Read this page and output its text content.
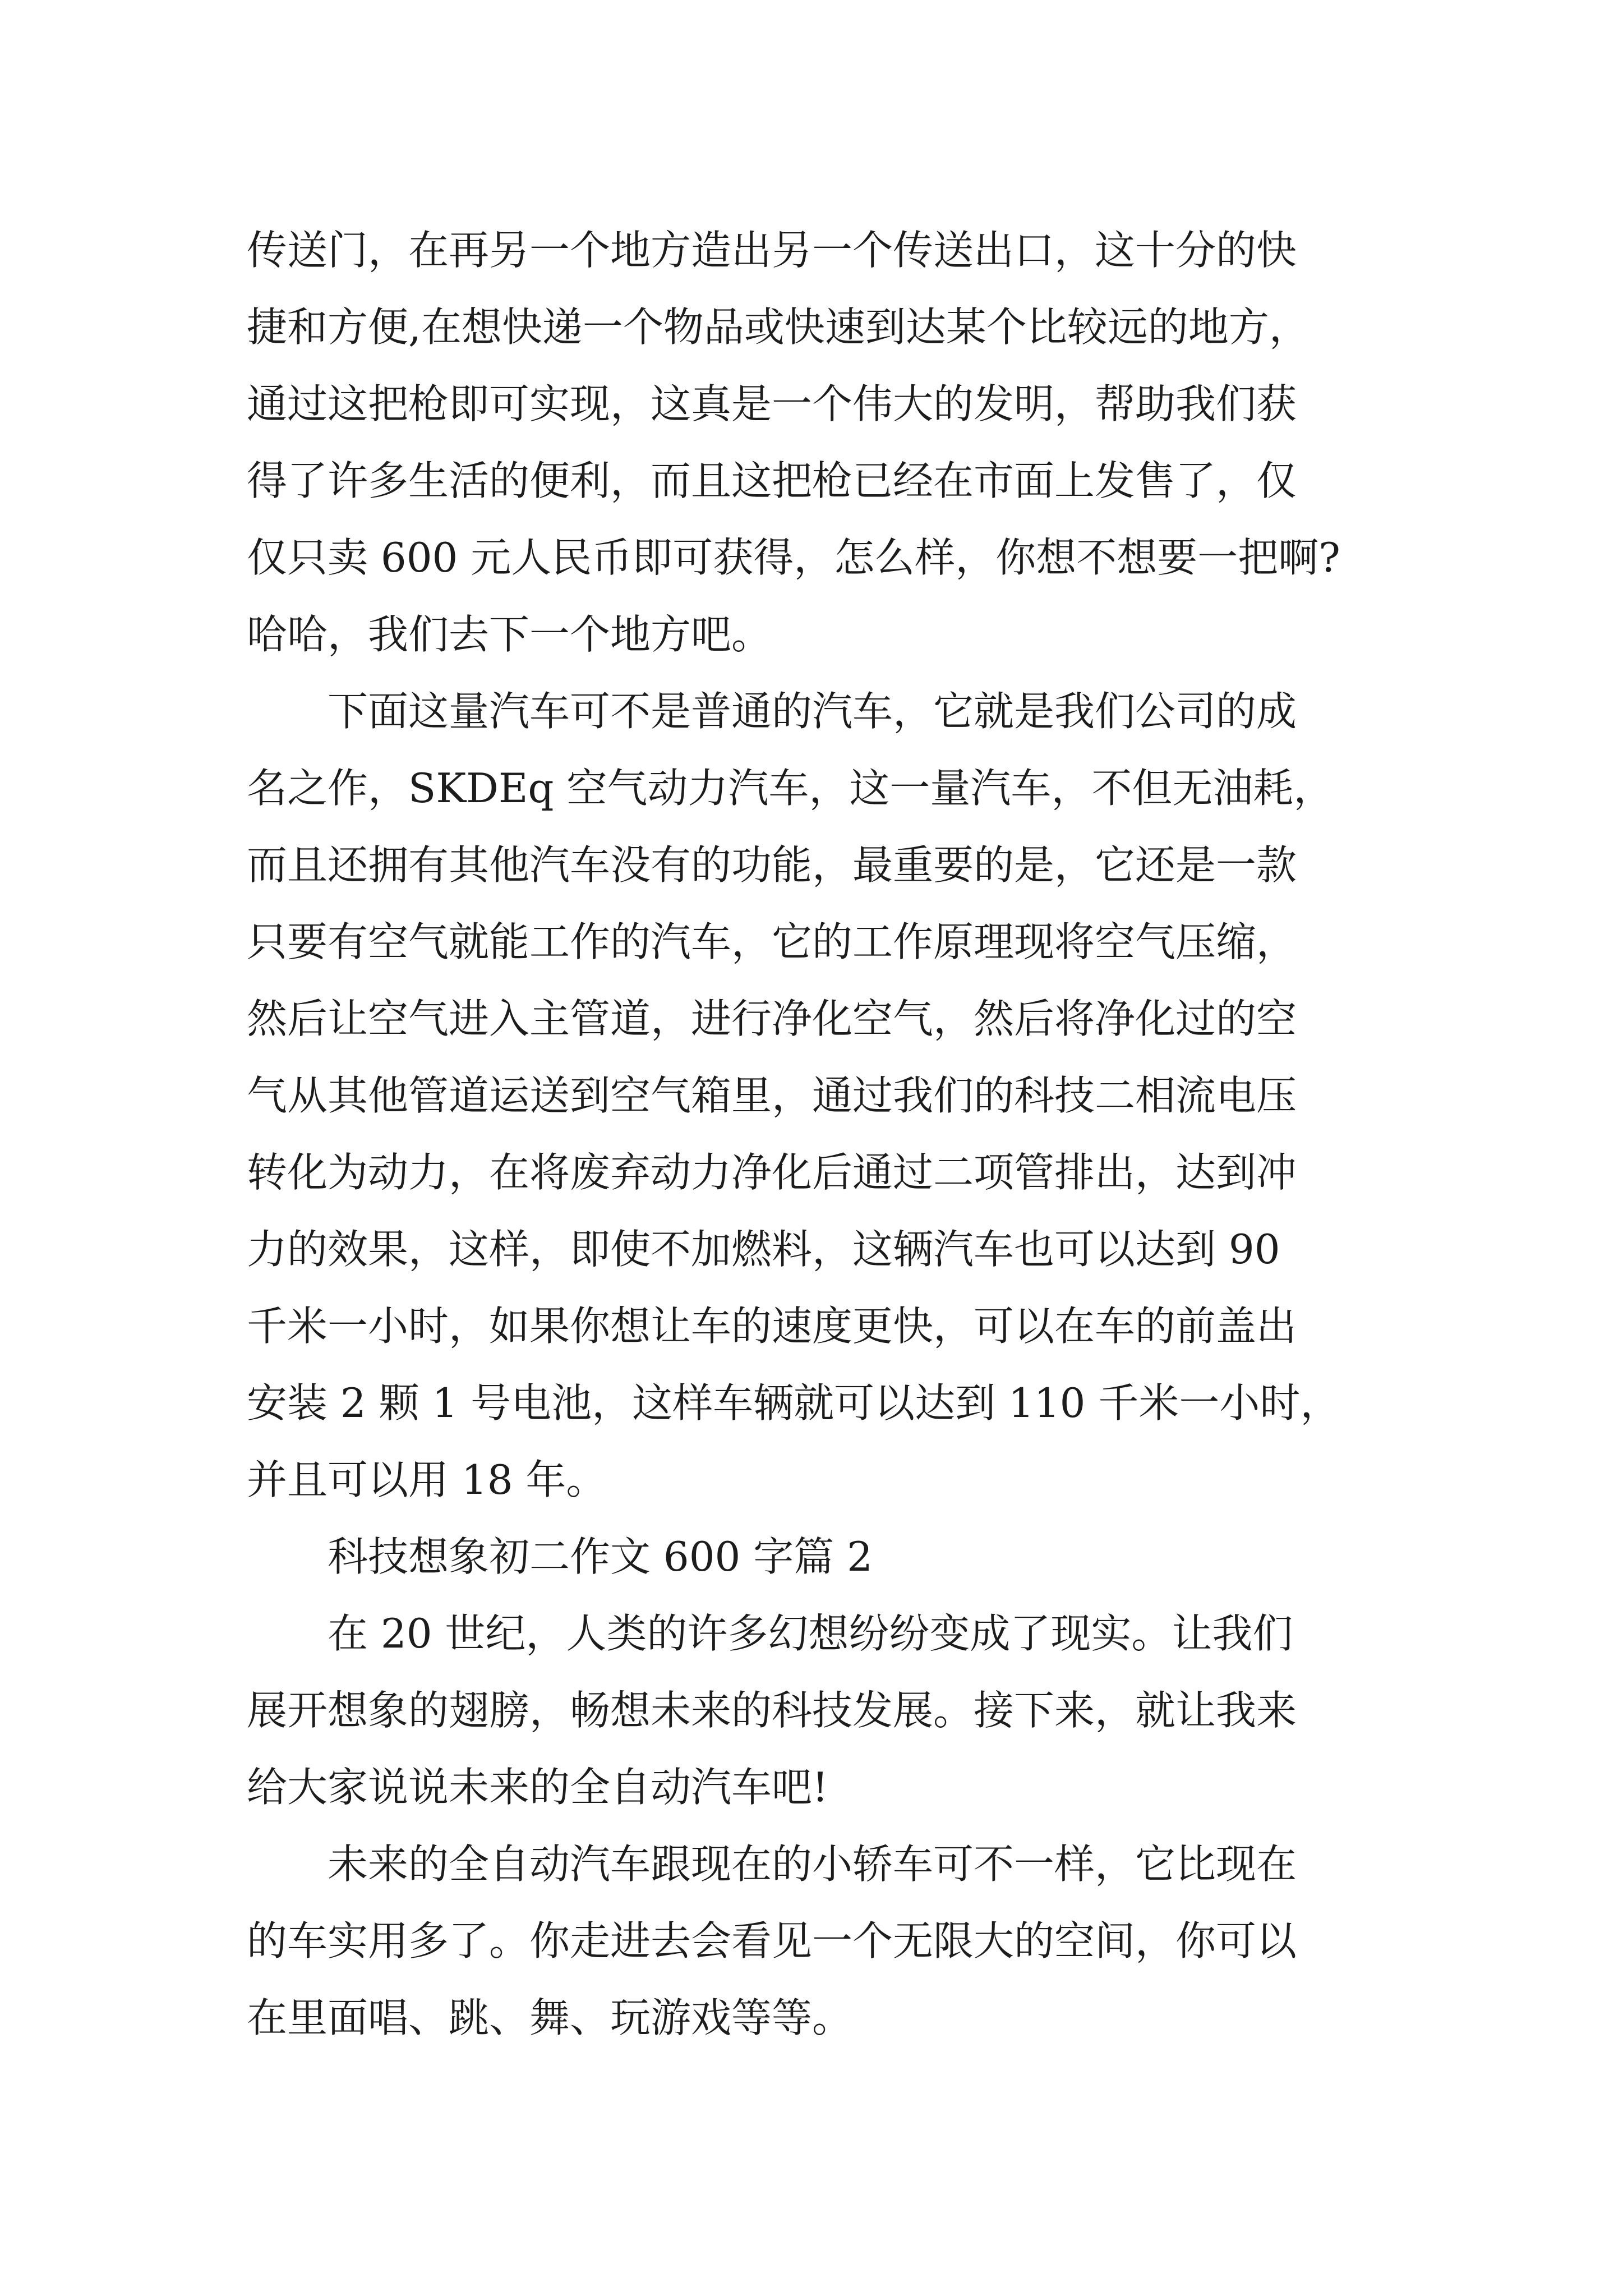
传送门，在再另一个地方造出另一个传送出口，这十分的快
捷和方便,在想快递一个物品或快速到达某个比较远的地方，
通过这把枪即可实现，这真是一个伟大的发明，帮助我们获
得了许多生活的便利，而且这把枪已经在市面上发售了，仅
仅只卖 600 元人民币即可获得，怎么样，你想不想要一把啊?
哈哈，我们去下一个地方吧。
　　下面这量汽车可不是普通的汽车，它就是我们公司的成
名之作，SKDEq 空气动力汽车，这一量汽车，不但无油耗，
而且还拥有其他汽车没有的功能，最重要的是，它还是一款
只要有空气就能工作的汽车，它的工作原理现将空气压缩，
然后让空气进入主管道，进行净化空气，然后将净化过的空
气从其他管道运送到空气箱里，通过我们的科技二相流电压
转化为动力，在将废弃动力净化后通过二项管排出，达到冲
力的效果，这样，即使不加燃料，这辆汽车也可以达到 90
千米一小时，如果你想让车的速度更快，可以在车的前盖出
安装 2 颗 1 号电池，这样车辆就可以达到 110 千米一小时，
并且可以用 18 年。
　　科技想象初二作文 600 字篇 2
　　在 20 世纪，人类的许多幻想纷纷变成了现实。让我们
展开想象的翅膀，畅想未来的科技发展。接下来，就让我来
给大家说说未来的全自动汽车吧!
　　未来的全自动汽车跟现在的小轿车可不一样，它比现在
的车实用多了。你走进去会看见一个无限大的空间，你可以
在里面唱、跳、舞、玩游戏等等。
